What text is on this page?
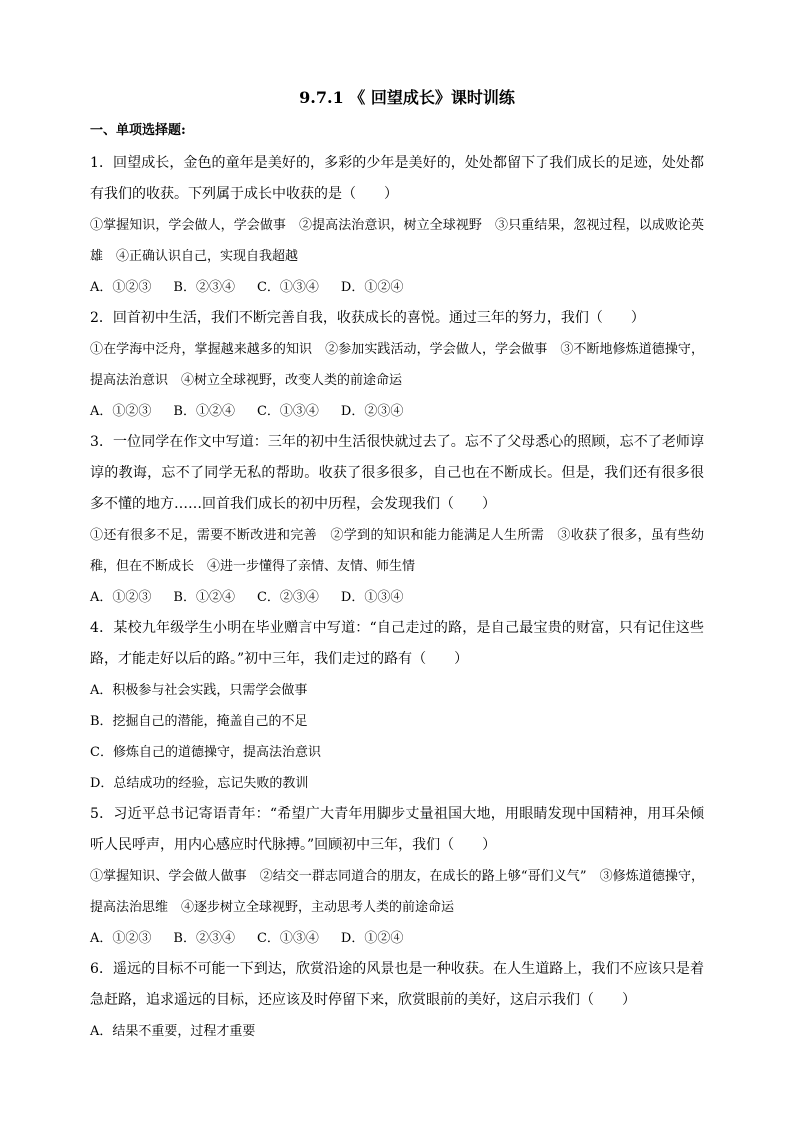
9.7.1 《 回望成长》课时训练
一、单项选择题:

1．回望成长，金色的童年是美好的，多彩的少年是美好的，处处都留下了我们成长的足迹，处处都有我们的收获。下列属于成长中收获的是（　　）

①掌握知识，学会做人，学会做事　②提高法治意识，树立全球视野　③只重结果，忽视过程，以成败论英雄　④正确认识自己，实现自我超越

A．①②③ B．②③④ C．①③④ D．①②④

2．回首初中生活，我们不断完善自我，收获成长的喜悦。通过三年的努力，我们（　　）

①在学海中泛舟，掌握越来越多的知识　②参加实践活动，学会做人，学会做事　③不断地修炼道德操守，提高法治意识　④树立全球视野，改变人类的前途命运

A．①②③ B．①②④ C．①③④ D．②③④

3．一位同学在作文中写道：三年的初中生活很快就过去了。忘不了父母悉心的照顾，忘不了老师谆谆的教诲，忘不了同学无私的帮助。收获了很多很多，自己也在不断成长。但是，我们还有很多很多不懂的地方……回首我们成长的初中历程，会发现我们（　　）

①还有很多不足，需要不断改进和完善　②学到的知识和能力能满足人生所需　③收获了很多，虽有些幼稚，但在不断成长　④进一步懂得了亲情、友情、师生情

A．①②③ B．①②④ C．②③④ D．①③④

4．某校九年级学生小明在毕业赠言中写道：“自己走过的路，是自己最宝贵的财富，只有记住这些路，才能走好以后的路。”初中三年，我们走过的路有（　　）

A．积极参与社会实践，只需学会做事

B．挖掘自己的潜能，掩盖自己的不足

C．修炼自己的道德操守，提高法治意识

D．总结成功的经验，忘记失败的教训

5．习近平总书记寄语青年：“希望广大青年用脚步丈量祖国大地，用眼睛发现中国精神，用耳朵倾听人民呼声，用内心感应时代脉搏。”回顾初中三年，我们（　　）

①掌握知识、学会做人做事　②结交一群志同道合的朋友，在成长的路上够“哥们义气”　③修炼道德操守，提高法治思维　④逐步树立全球视野，主动思考人类的前途命运

A．①②③ B．②③④ C．①③④ D．①②④

6．遥远的目标不可能一下到达，欣赏沿途的风景也是一种收获。在人生道路上，我们不应该只是着急赶路，追求遥远的目标，还应该及时停留下来，欣赏眼前的美好，这启示我们（　　）

A．结果不重要，过程才重要
